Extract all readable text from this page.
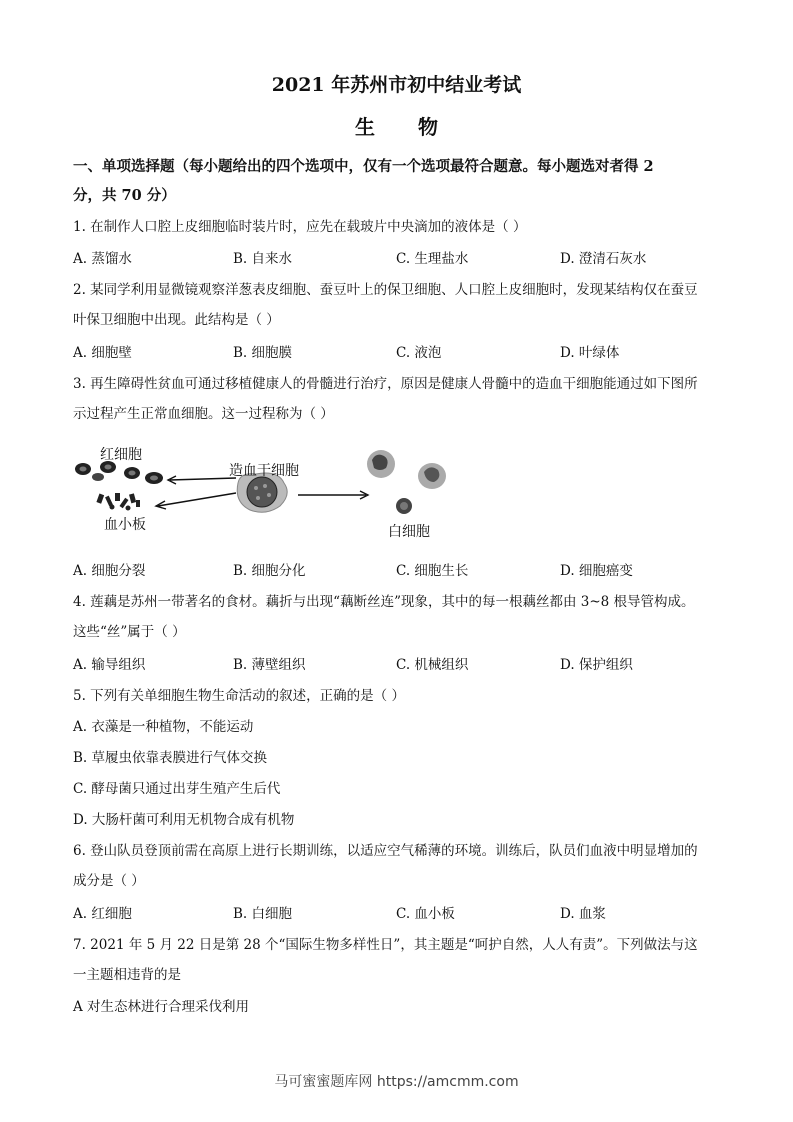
2021 年苏州市初中结业考试
生 物
一、单项选择题（每小题给出的四个选项中，仅有一个选项最符合题意。每小题选对者得 2
分，共 70 分）
1. 在制作人口腔上皮细胞临时装片时，应先在载玻片中央滴加的液体是（ ）
A. 蒸馏水	B. 自来水	C. 生理盐水	D. 澄清石灰水
2. 某同学利用显微镜观察洋葱表皮细胞、蚕豆叶上的保卫细胞、人口腔上皮细胞时，发现某结构仅在蚕豆
叶保卫细胞中出现。此结构是（ ）
A. 细胞壁	B. 细胞膜	C. 液泡	D. 叶绿体
3. 再生障碍性贫血可通过移植健康人的骨髓进行治疗，原因是健康人骨髓中的造血干细胞能通过如下图所
示过程产生正常血细胞。这一过程称为（ ）
红细胞
造血干细胞
血小板	白细胞
A. 细胞分裂	B. 细胞分化	C. 细胞生长	D. 细胞癌变
4. 莲藕是苏州一带著名的食材。藕折与出现“藕断丝连”现象，其中的每一根藕丝都由 3~8 根导管构成。
这些“丝”属于（ ）
A. 输导组织	B. 薄壁组织	C. 机械组织	D. 保护组织
5. 下列有关单细胞生物生命活动的叙述，正确的是（ ）
A. 衣藻是一种植物，不能运动
B. 草履虫依靠表膜进行气体交换
C. 酵母菌只通过出芽生殖产生后代
D. 大肠杆菌可利用无机物合成有机物
6. 登山队员登顶前需在高原上进行长期训练，以适应空气稀薄的环境。训练后，队员们血液中明显增加的
成分是（ ）
A. 红细胞	B. 白细胞	C. 血小板	D. 血浆
7. 2021 年 5 月 22 日是第 28 个“国际生物多样性日”，其主题是“呵护自然，人人有责”。下列做法与这
一主题相违背的是
A 对生态林进行合理采伐利用
马可蜜蜜题库网 https://amcmm.com
